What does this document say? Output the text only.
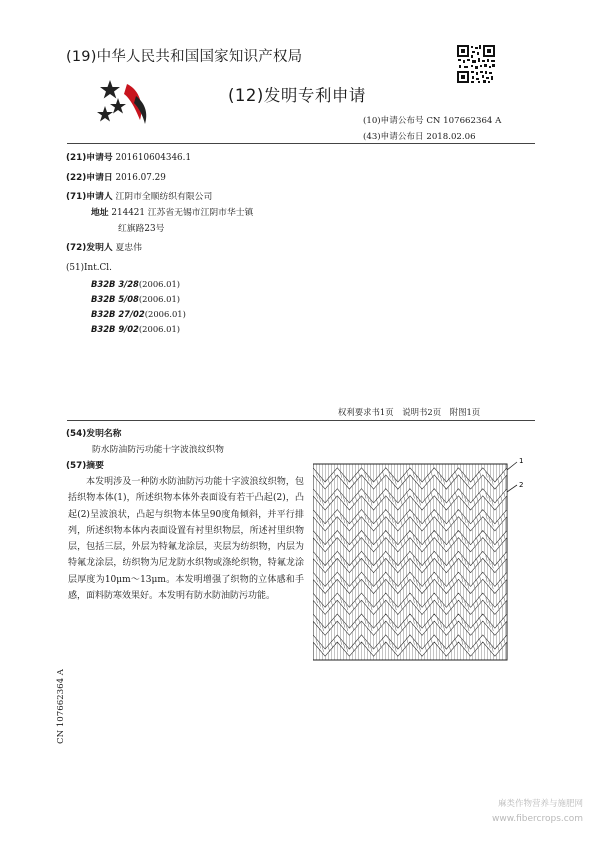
(19)中华人民共和国国家知识产权局
(12)发明专利申请
(10)申请公布号 CN 107662364 A
(43)申请公布日 2018.02.06
(21)申请号 201610604346.1
(22)申请日 2016.07.29
(71)申请人 江阴市全顺纺织有限公司
地址 214421 江苏省无锡市江阴市华士镇
红旗路23号
(72)发明人 夏忠伟
(51)Int.Cl.
B32B 3/28(2006.01)
B32B 5/08(2006.01)
B32B 27/02(2006.01)
B32B 9/02(2006.01)
权利要求书1页 说明书2页 附图1页
(54)发明名称
防水防油防污功能十字波浪纹织物
(57)摘要
本发明涉及一种防水防油防污功能十字波浪纹织物，包括织物本体(1)，所述织物本体外表面设有若干凸起(2)，凸起(2)呈波浪状，凸起与织物本体呈90度角倾斜，并平行排列，所述织物本体内表面设置有衬里织物层，所述衬里织物层，包括三层，外层为特氟龙涂层，夹层为纺织物，内层为特氟龙涂层，纺织物为尼龙防水织物或涤纶织物，特氟龙涂层厚度为10μm～13μm。本发明增强了织物的立体感和手感，面料防寒效果好。本发明有防水防油防污功能。
1
2
CN 107662364 A
麻类作物营养与施肥网
www.fibercrops.com
